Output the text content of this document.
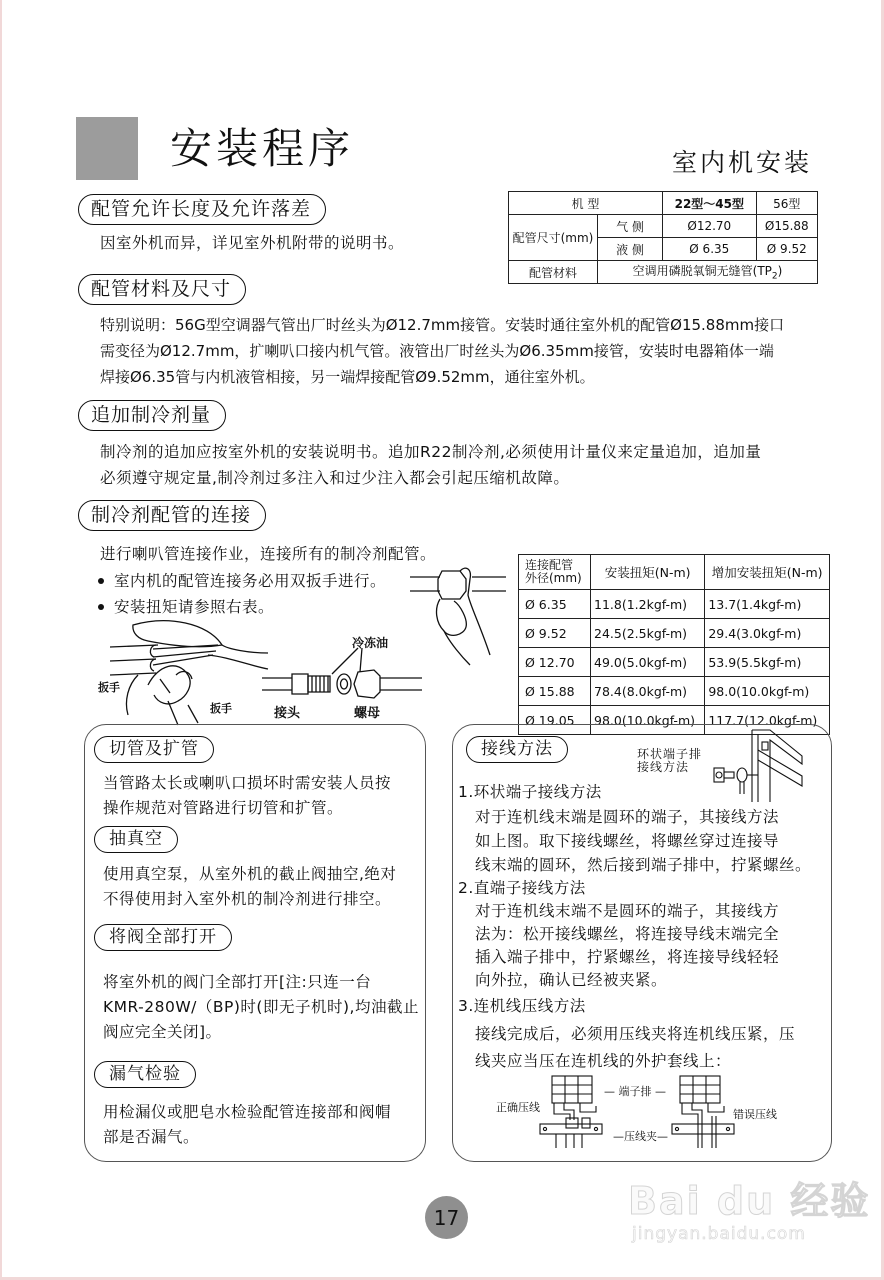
安装程序	室内机安装
配管允许长度及允许落差
因室外机而异，详见室外机附带的说明书。
机 型		22型～45型	56型
配管尺寸(mm)	气 侧	Ø12.70	Ø15.88
	液 侧	Ø 6.35	Ø 9.52
配管材料	空调用磷脱氧铜无缝管$(TP_2)$		
配管材料及尺寸
特别说明：56G型空调器气管出厂时丝头为Ø12.7mm接管。安装时通往室外机的配管Ø15.88mm接口
需变径为Ø12.7mm，扩喇叭口接内机气管。液管出厂时丝头为Ø6.35mm接管，安装时电器箱体一端
焊接Ø6.35管与内机液管相接，另一端焊接配管Ø9.52mm，通往室外机。
追加制冷剂量
制冷剂的追加应按室外机的安装说明书。追加R22制冷剂,必须使用计量仪来定量追加，追加量
必须遵守规定量,制冷剂过多注入和过少注入都会引起压缩机故障。
制冷剂配管的连接
进行喇叭管连接作业，连接所有的制冷剂配管。
室内机的配管连接务必用双扳手进行。
安装扭矩请参照右表。
扳手
扳手
冷冻油
接头	螺母
连接配管
外径(mm)	安装扭矩(N-m)	增加安装扭矩(N-m)
Ø 6.35	11.8(1.2kgf-m)	13.7(1.4kgf-m)
Ø 9.52	24.5(2.5kgf-m)	29.4(3.0kgf-m)
Ø 12.70	49.0(5.0kgf-m)	53.9(5.5kgf-m)
Ø 15.88	78.4(8.0kgf-m)	98.0(10.0kgf-m)
Ø 19.05	98.0(10.0kgf-m)	117.7(12.0kgf-m)
切管及扩管
当管路太长或喇叭口损坏时需安装人员按
操作规范对管路进行切管和扩管。
抽真空
使用真空泵，从室外机的截止阀抽空,绝对
不得使用封入室外机的制冷剂进行排空。
将阀全部打开
将室外机的阀门全部打开[注:只连一台
KMR-280W/（BP)时(即无子机时),均油截止
阀应完全关闭]。
漏气检验
用检漏仪或肥皂水检验配管连接部和阀帽
部是否漏气。
接线方法	环状端子排
接线方法
1.环状端子接线方法
对于连机线末端是圆环的端子，其接线方法
如上图。取下接线螺丝，将螺丝穿过连接导
线末端的圆环，然后接到端子排中，拧紧螺丝。
2.直端子接线方法
对于连机线末端不是圆环的端子，其接线方
法为：松开接线螺丝，将连接导线末端完全
插入端子排中，拧紧螺丝，将连接导线轻轻
向外拉，确认已经被夹紧。
3.连机线压线方法
接线完成后，必须用压线夹将连机线压紧，压
线夹应当压在连机线的外护套线上：
正确压线
错误压线
— 端子排 —
—压线夹—
17	Bai du 经验
jingyan.baidu.com
